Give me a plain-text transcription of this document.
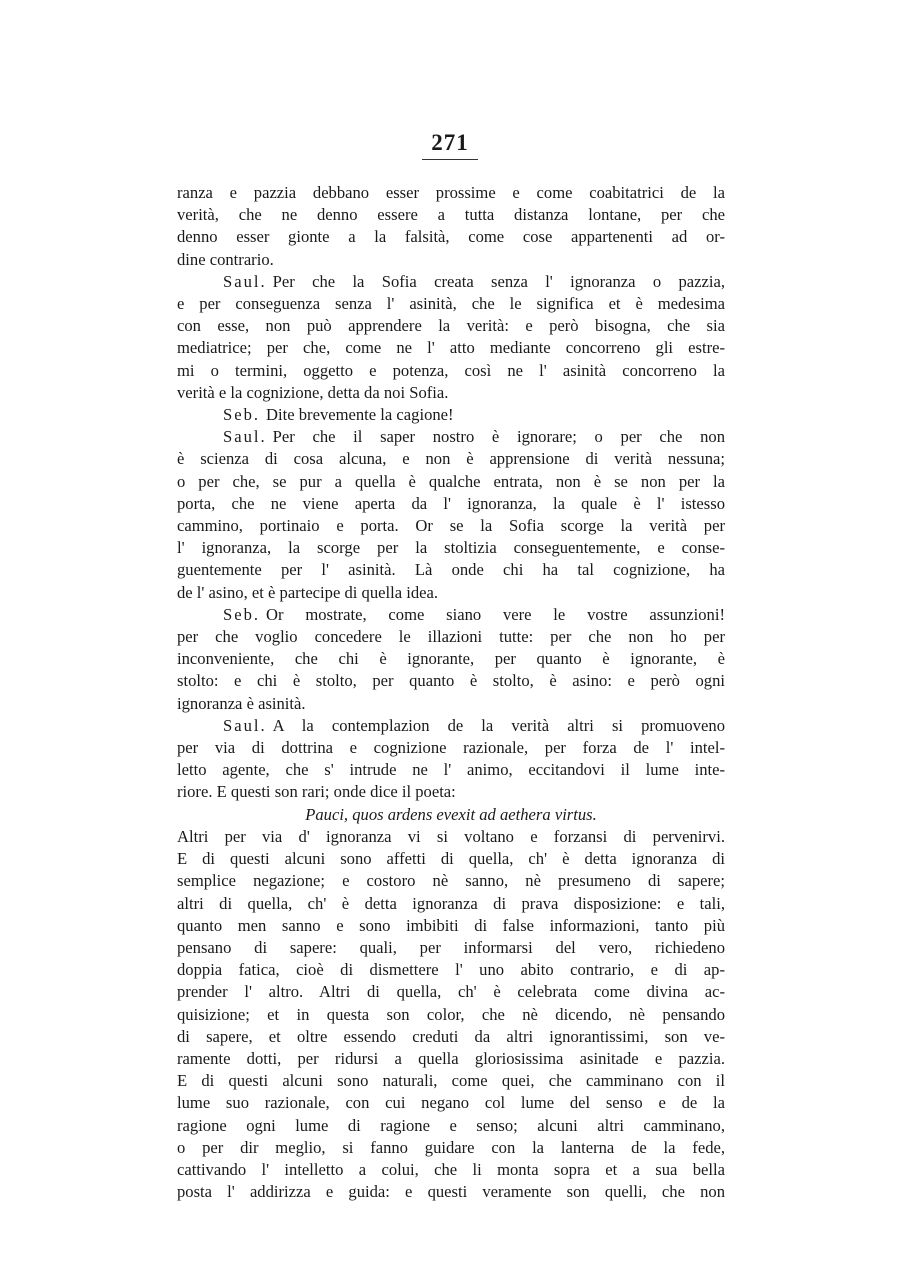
271
ranza e pazzia debbano esser prossime e come coabitatrici de la
verità, che ne denno essere a tutta distanza lontane, per che
denno esser gionte a la falsità, come cose appartenenti ad or-
dine contrario.
Saul. Per che la Sofia creata senza l' ignoranza o pazzia,
e per conseguenza senza l' asinità, che le significa et è medesima
con esse, non può apprendere la verità: e però bisogna, che sia
mediatrice; per che, come ne l' atto mediante concorreno gli estre-
mi o termini, oggetto e potenza, così ne l' asinità concorreno la
verità e la cognizione, detta da noi Sofia.
Seb. Dite brevemente la cagione!
Saul. Per che il saper nostro è ignorare; o per che non
è scienza di cosa alcuna, e non è apprensione di verità nessuna;
o per che, se pur a quella è qualche entrata, non è se non per la
porta, che ne viene aperta da l' ignoranza, la quale è l' istesso
cammino, portinaio e porta. Or se la Sofia scorge la verità per
l' ignoranza, la scorge per la stoltizia conseguentemente, e conse-
guentemente per l' asinità. Là onde chi ha tal cognizione, ha
de l' asino, et è partecipe di quella idea.
Seb. Or mostrate, come siano vere le vostre assunzioni!
per che voglio concedere le illazioni tutte: per che non ho per
inconveniente, che chi è ignorante, per quanto è ignorante, è
stolto: e chi è stolto, per quanto è stolto, è asino: e però ogni
ignoranza è asinità.
Saul. A la contemplazion de la verità altri si promuoveno
per via di dottrina e cognizione razionale, per forza de l' intel-
letto agente, che s' intrude ne l' animo, eccitandovi il lume inte-
riore. E questi son rari; onde dice il poeta:
Pauci, quos ardens evexit ad aethera virtus.
Altri per via d' ignoranza vi si voltano e forzansi di pervenirvi.
E di questi alcuni sono affetti di quella, ch' è detta ignoranza di
semplice negazione; e costoro nè sanno, nè presumeno di sapere;
altri di quella, ch' è detta ignoranza di prava disposizione: e tali,
quanto men sanno e sono imbibiti di false informazioni, tanto più
pensano di sapere: quali, per informarsi del vero, richiedeno
doppia fatica, cioè di dismettere l' uno abito contrario, e di ap-
prender l' altro. Altri di quella, ch' è celebrata come divina ac-
quisizione; et in questa son color, che nè dicendo, nè pensando
di sapere, et oltre essendo creduti da altri ignorantissimi, son ve-
ramente dotti, per ridursi a quella gloriosissima asinitade e pazzia.
E di questi alcuni sono naturali, come quei, che camminano con il
lume suo razionale, con cui negano col lume del senso e de la
ragione ogni lume di ragione e senso; alcuni altri camminano,
o per dir meglio, si fanno guidare con la lanterna de la fede,
cattivando l' intelletto a colui, che li monta sopra et a sua bella
posta l' addirizza e guida: e questi veramente son quelli, che non
